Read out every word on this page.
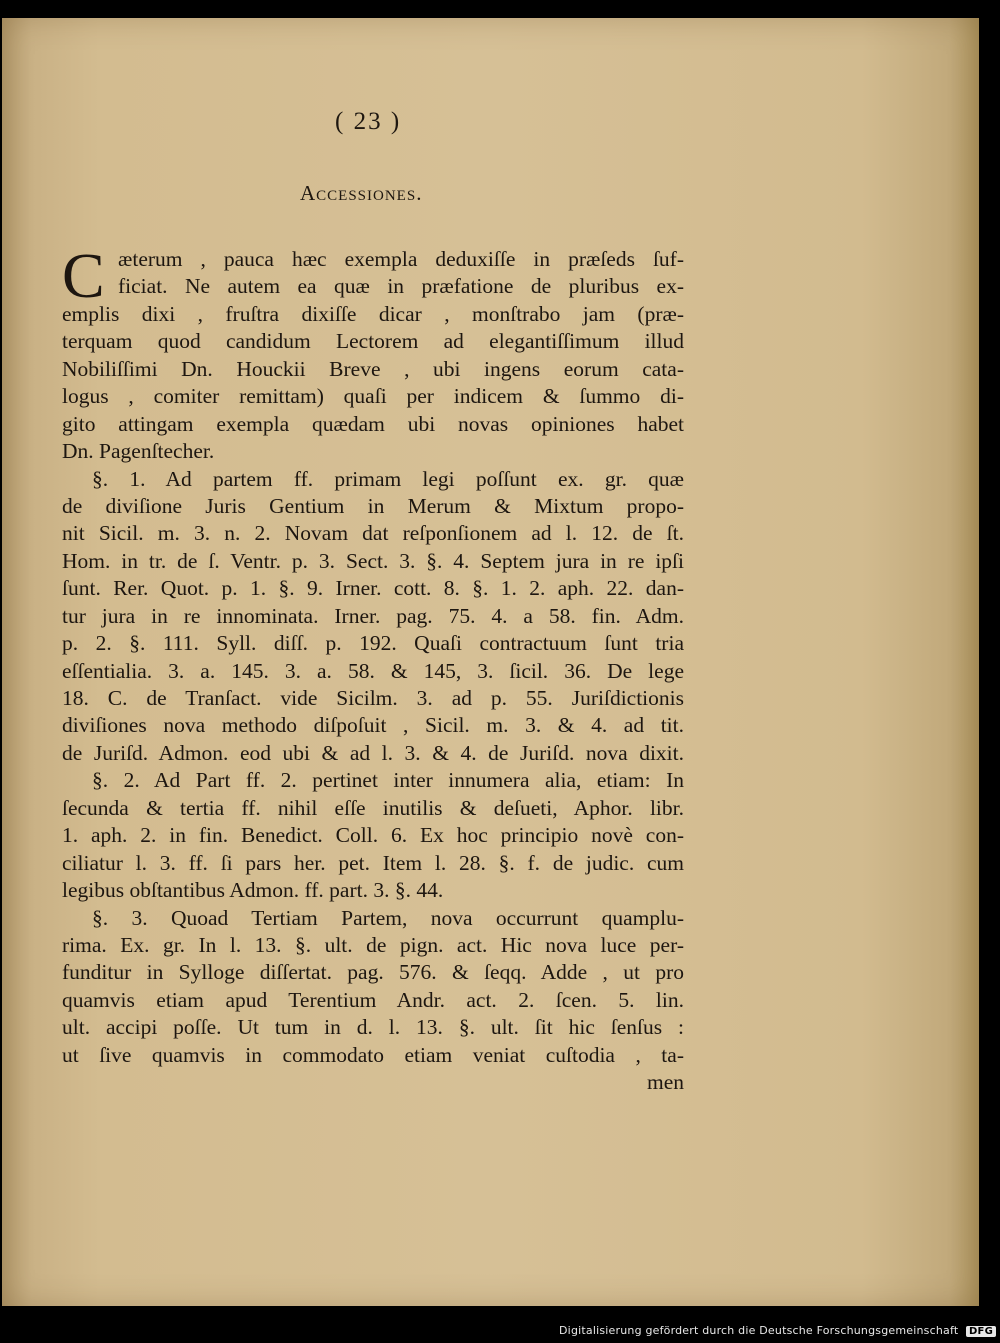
( 23 )
Accessiones.
C æterum , pauca hæc exempla deduxiſſe in præſeds ſuf-
ficiat. Ne autem ea quæ in præfatione de pluribus ex-
emplis dixi , fruſtra dixiſſe dicar , monſtrabo jam (præ-
terquam quod candidum Lectorem ad elegantiſſimum illud
Nobiliſſimi Dn. Houckii Breve , ubi ingens eorum cata-
logus , comiter remittam) quaſi per indicem & ſummo di-
gito attingam exempla quædam ubi novas opiniones habet
Dn. Pagenſtecher.
§. 1. Ad partem ff. primam legi poſſunt ex. gr. quæ
de diviſione Juris Gentium in Merum & Mixtum propo-
nit Sicil. m. 3. n. 2. Novam dat reſponſionem ad l. 12. de ſt.
Hom. in tr. de ſ. Ventr. p. 3. Sect. 3. §. 4. Septem jura in re ipſi
ſunt. Rer. Quot. p. 1. §. 9. Irner. cott. 8. §. 1. 2. aph. 22. dan-
tur jura in re innominata. Irner. pag. 75. 4. a 58. fin. Adm.
p. 2. §. 111. Syll. diſſ. p. 192. Quaſi contractuum ſunt tria
eſſentialia. 3. a. 145. 3. a. 58. & 145, 3. ſicil. 36. De lege
18. C. de Tranſact. vide Sicilm. 3. ad p. 55. Juriſdictionis
diviſiones nova methodo diſpoſuit , Sicil. m. 3. & 4. ad tit.
de Juriſd. Admon. eod ubi & ad l. 3. & 4. de Juriſd. nova dixit.
§. 2. Ad Part ff. 2. pertinet inter innumera alia, etiam: In
ſecunda & tertia ff. nihil eſſe inutilis & deſueti, Aphor. libr.
1. aph. 2. in fin. Benedict. Coll. 6. Ex hoc principio novè con-
ciliatur l. 3. ff. ſi pars her. pet. Item l. 28. §. f. de judic. cum
legibus obſtantibus Admon. ff. part. 3. §. 44.
§. 3. Quoad Tertiam Partem, nova occurrunt quamplu-
rima. Ex. gr. In l. 13. §. ult. de pign. act. Hic nova luce per-
funditur in Sylloge diſſertat. pag. 576. & ſeqq. Adde , ut pro
quamvis etiam apud Terentium Andr. act. 2. ſcen. 5. lin.
ult. accipi poſſe. Ut tum in d. l. 13. §. ult. ſit hic ſenſus :
ut ſive quamvis in commodato etiam veniat cuſtodia , ta-
men
Digitalisierung gefördert durch die Deutsche Forschungsgemeinschaft DFG
